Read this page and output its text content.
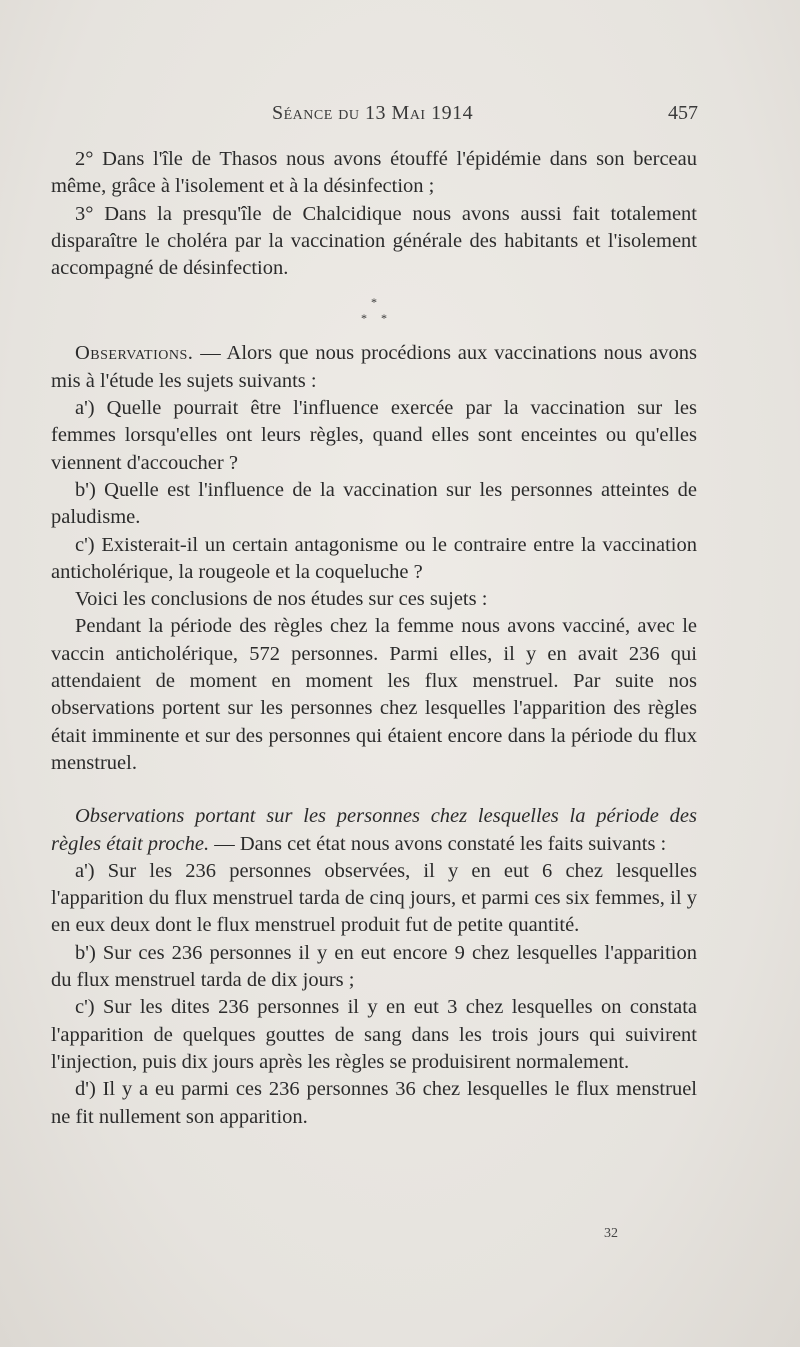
Séance du 13 Mai 1914	457

2° Dans l'île de Thasos nous avons étouffé l'épidémie dans son berceau même, grâce à l'isolement et à la désinfection ;

3° Dans la presqu'île de Chalcidique nous avons aussi fait totalement disparaître le choléra par la vaccination générale des habitants et l'isolement accompagné de désinfection.

*
**

Observations. — Alors que nous procédions aux vaccinations nous avons mis à l'étude les sujets suivants :

a') Quelle pourrait être l'influence exercée par la vaccination sur les femmes lorsqu'elles ont leurs règles, quand elles sont enceintes ou qu'elles viennent d'accoucher ?

b') Quelle est l'influence de la vaccination sur les personnes atteintes de paludisme.

c') Existerait-il un certain antagonisme ou le contraire entre la vaccination anticholérique, la rougeole et la coqueluche ?

Voici les conclusions de nos études sur ces sujets :

Pendant la période des règles chez la femme nous avons vacciné, avec le vaccin anticholérique, 572 personnes. Parmi elles, il y en avait 236 qui attendaient de moment en moment les flux menstruel. Par suite nos observations portent sur les personnes chez lesquelles l'apparition des règles était imminente et sur des personnes qui étaient encore dans la période du flux menstruel.

Observations portant sur les personnes chez lesquelles la période des règles était proche. — Dans cet état nous avons constaté les faits suivants :

a') Sur les 236 personnes observées, il y en eut 6 chez lesquelles l'apparition du flux menstruel tarda de cinq jours, et parmi ces six femmes, il y en eux deux dont le flux menstruel produit fut de petite quantité.

b') Sur ces 236 personnes il y en eut encore 9 chez lesquelles l'apparition du flux menstruel tarda de dix jours ;

c') Sur les dites 236 personnes il y en eut 3 chez lesquelles on constata l'apparition de quelques gouttes de sang dans les trois jours qui suivirent l'injection, puis dix jours après les règles se produisirent normalement.

d') Il y a eu parmi ces 236 personnes 36 chez lesquelles le flux menstruel ne fit nullement son apparition.

32
